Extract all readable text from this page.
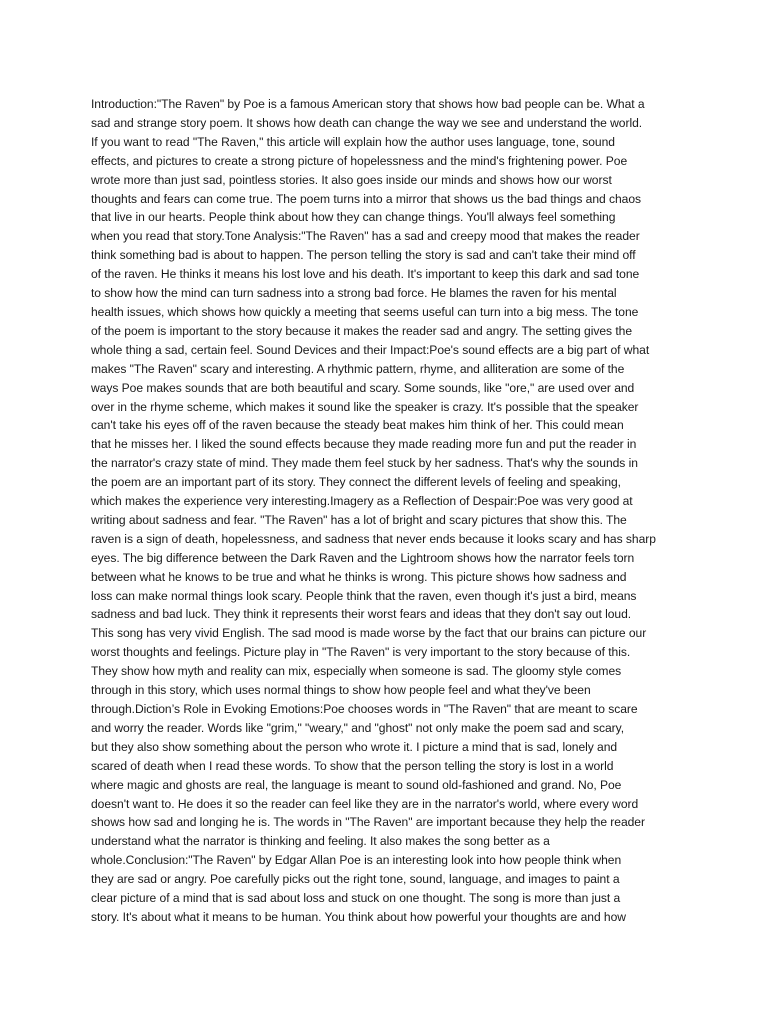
Introduction:"The Raven" by Poe is a famous American story that shows how bad people can be. What a
sad and strange story poem. It shows how death can change the way we see and understand the world.
If you want to read "The Raven," this article will explain how the author uses language, tone, sound
effects, and pictures to create a strong picture of hopelessness and the mind's frightening power. Poe
wrote more than just sad, pointless stories. It also goes inside our minds and shows how our worst
thoughts and fears can come true. The poem turns into a mirror that shows us the bad things and chaos
that live in our hearts. People think about how they can change things. You'll always feel something
when you read that story.Tone Analysis:"The Raven" has a sad and creepy mood that makes the reader
think something bad is about to happen. The person telling the story is sad and can't take their mind off
of the raven. He thinks it means his lost love and his death. It's important to keep this dark and sad tone
to show how the mind can turn sadness into a strong bad force. He blames the raven for his mental
health issues, which shows how quickly a meeting that seems useful can turn into a big mess. The tone
of the poem is important to the story because it makes the reader sad and angry. The setting gives the
whole thing a sad, certain feel. Sound Devices and their Impact:Poe's sound effects are a big part of what
makes "The Raven" scary and interesting. A rhythmic pattern, rhyme, and alliteration are some of the
ways Poe makes sounds that are both beautiful and scary. Some sounds, like "ore," are used over and
over in the rhyme scheme, which makes it sound like the speaker is crazy. It's possible that the speaker
can't take his eyes off of the raven because the steady beat makes him think of her. This could mean
that he misses her. I liked the sound effects because they made reading more fun and put the reader in
the narrator's crazy state of mind. They made them feel stuck by her sadness. That's why the sounds in
the poem are an important part of its story. They connect the different levels of feeling and speaking,
which makes the experience very interesting.Imagery as a Reflection of Despair:Poe was very good at
writing about sadness and fear. "The Raven" has a lot of bright and scary pictures that show this. The
raven is a sign of death, hopelessness, and sadness that never ends because it looks scary and has sharp
eyes. The big difference between the Dark Raven and the Lightroom shows how the narrator feels torn
between what he knows to be true and what he thinks is wrong. This picture shows how sadness and
loss can make normal things look scary. People think that the raven, even though it's just a bird, means
sadness and bad luck. They think it represents their worst fears and ideas that they don't say out loud.
This song has very vivid English. The sad mood is made worse by the fact that our brains can picture our
worst thoughts and feelings. Picture play in "The Raven" is very important to the story because of this.
They show how myth and reality can mix, especially when someone is sad. The gloomy style comes
through in this story, which uses normal things to show how people feel and what they've been
through.Diction’s Role in Evoking Emotions:Poe chooses words in "The Raven" that are meant to scare
and worry the reader. Words like "grim," "weary," and "ghost" not only make the poem sad and scary,
but they also show something about the person who wrote it. I picture a mind that is sad, lonely and
scared of death when I read these words. To show that the person telling the story is lost in a world
where magic and ghosts are real, the language is meant to sound old-fashioned and grand. No, Poe
doesn't want to. He does it so the reader can feel like they are in the narrator's world, where every word
shows how sad and longing he is. The words in "The Raven" are important because they help the reader
understand what the narrator is thinking and feeling. It also makes the song better as a
whole.Conclusion:"The Raven" by Edgar Allan Poe is an interesting look into how people think when
they are sad or angry. Poe carefully picks out the right tone, sound, language, and images to paint a
clear picture of a mind that is sad about loss and stuck on one thought. The song is more than just a
story. It's about what it means to be human. You think about how powerful your thoughts are and how
